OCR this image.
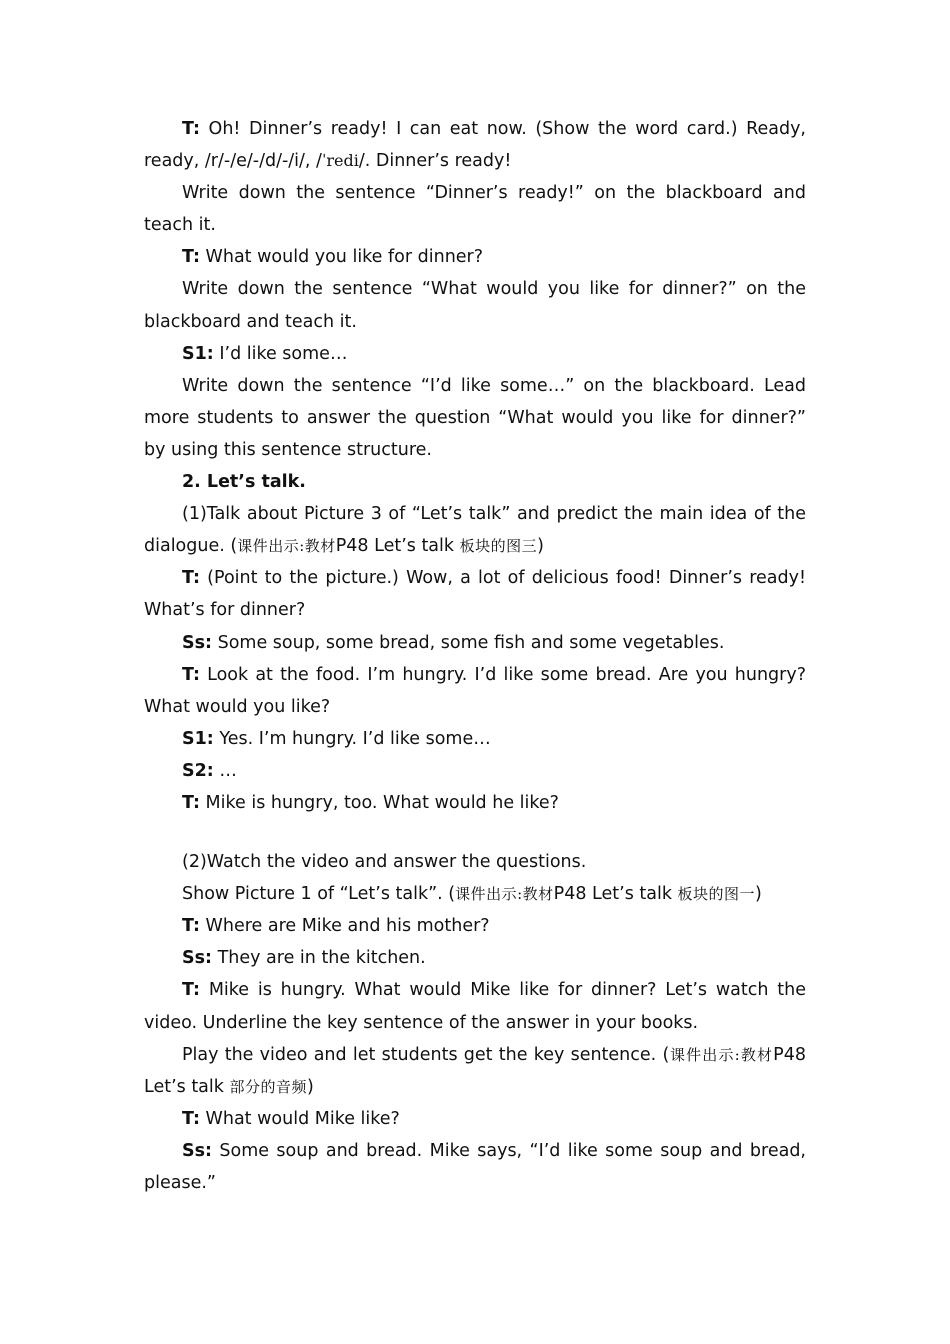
T: Oh! Dinner’s ready! I can eat now. (Show the word card.) Ready, ready, /r/-/e/-/d/-/i/, /ˈredi/. Dinner’s ready!

Write down the sentence “Dinner’s ready!” on the blackboard and teach it.

T: What would you like for dinner?

Write down the sentence “What would you like for dinner?” on the blackboard and teach it.

S1: I’d like some…

Write down the sentence “I’d like some…” on the blackboard. Lead more students to answer the question “What would you like for dinner?” by using this sentence structure.

2. Let’s talk.

(1)Talk about Picture 3 of “Let’s talk” and predict the main idea of the dialogue. (课件出示:教材P48 Let’s talk 板块的图三)

T: (Point to the picture.) Wow, a lot of delicious food! Dinner’s ready! What’s for dinner?

Ss: Some soup, some bread, some fish and some vegetables.

T: Look at the food. I’m hungry. I’d like some bread. Are you hungry? What would you like?

S1: Yes. I’m hungry. I’d like some…

S2: …

T: Mike is hungry, too. What would he like?

(2)Watch the video and answer the questions.

Show Picture 1 of “Let’s talk”. (课件出示:教材P48 Let’s talk 板块的图一)

T: Where are Mike and his mother?

Ss: They are in the kitchen.

T: Mike is hungry. What would Mike like for dinner? Let’s watch the video. Underline the key sentence of the answer in your books.

Play the video and let students get the key sentence. (课件出示:教材P48 Let’s talk 部分的音频)

T: What would Mike like?

Ss: Some soup and bread. Mike says, “I’d like some soup and bread, please.”
